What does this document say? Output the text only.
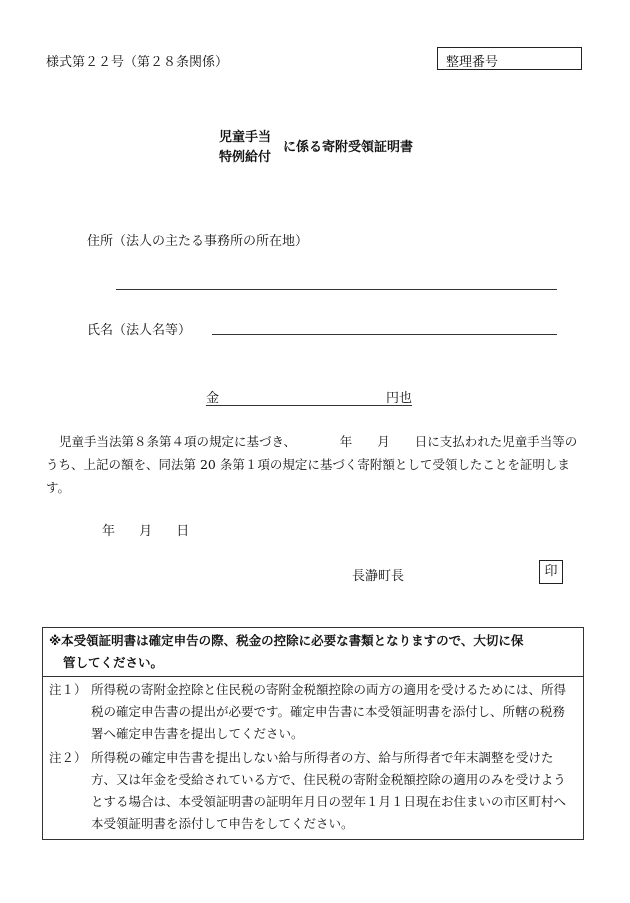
様式第２２号（第２８条関係）	整理番号
児童手当
特例給付
に係る寄附受領証明書
住所（法人の主たる事務所の所在地）
氏名（法人名等）
金	円也
児童手当法第８条第４項の規定に基づき、　　　　年　　月　　日に支払われた児童手当等のうち、上記の額を、同法第 20 条第１項の規定に基づく寄附額として受領したことを証明します。
年 月 日
長瀞町長	印
※本受領証明書は確定申告の際、税金の控除に必要な書類となりますので、大切に保
管してください。
注１） 所得税の寄附金控除と住民税の寄附金税額控除の両方の適用を受けるためには、所得税の確定申告書の提出が必要です。確定申告書に本受領証明書を添付し、所轄の税務署へ確定申告書を提出してください。
注２） 所得税の確定申告書を提出しない給与所得者の方、給与所得者で年末調整を受けた方、又は年金を受給されている方で、住民税の寄附金税額控除の適用のみを受けようとする場合は、本受領証明書の証明年月日の翌年１月１日現在お住まいの市区町村へ本受領証明書を添付して申告をしてください。
